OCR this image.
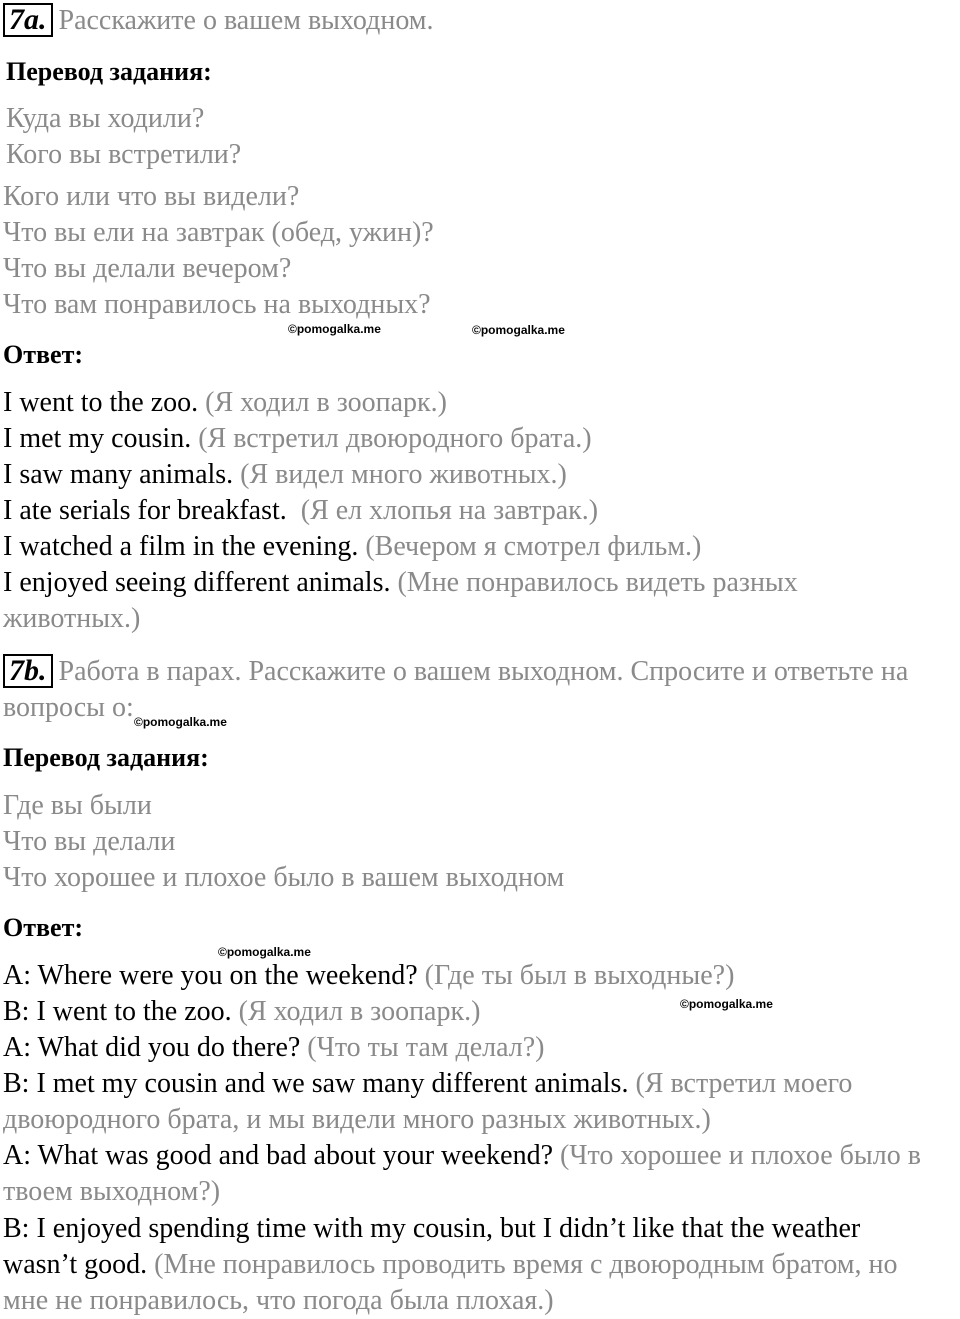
7a. Расскажите о вашем выходном.
Перевод задания:
Куда вы ходили?
Кого вы встретили?
Кого или что вы видели?
Что вы ели на завтрак (обед, ужин)?
Что вы делали вечером?
Что вам понравилось на выходных?
©pomogalka.me	©pomogalka.me
Ответ:
I went to the zoo. (Я ходил в зоопарк.)
I met my cousin. (Я встретил двоюродного брата.)
I saw many animals. (Я видел много животных.)
I ate serials for breakfast. (Я ел хлопья на завтрак.)
I watched a film in the evening. (Вечером я смотрел фильм.)
I enjoyed seeing different animals. (Мне понравилось видеть разных
животных.)
7b. Работа в парах. Расскажите о вашем выходном. Спросите и ответьте на
вопросы о: ©pomogalka.me
Перевод задания:
Где вы были
Что вы делали
Что хорошее и плохое было в вашем выходном
Ответ:
©pomogalka.me
A: Where were you on the weekend? (Где ты был в выходные?)
©pomogalka.me
B: I went to the zoo. (Я ходил в зоопарк.)
A: What did you do there? (Что ты там делал?)
B: I met my cousin and we saw many different animals. (Я встретил моего
двоюродного брата, и мы видели много разных животных.)
A: What was good and bad about your weekend? (Что хорошее и плохое было в
твоем выходном?)
B: I enjoyed spending time with my cousin, but I didn’t like that the weather
wasn’t good. (Мне понравилось проводить время с двоюродным братом, но
мне не понравилось, что погода была плохая.)
